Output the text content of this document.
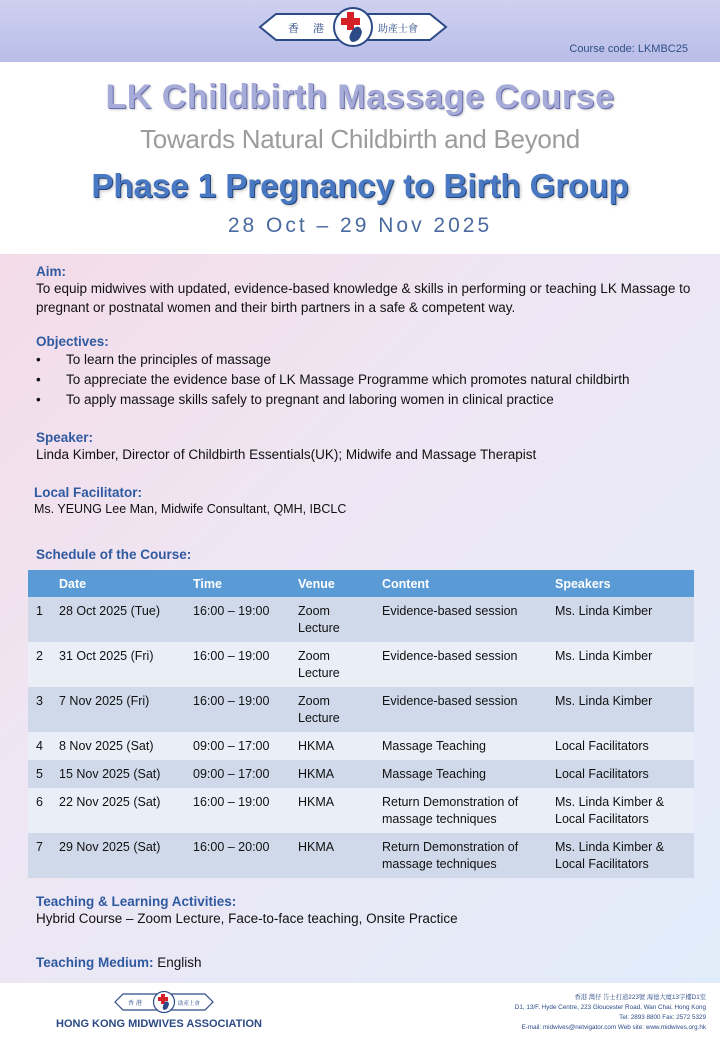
香 港	助產士會
Course code: LKMBC25
LK Childbirth Massage Course
Towards Natural Childbirth and Beyond
Phase 1 Pregnancy to Birth Group
28 Oct – 29 Nov 2025
Aim:
To equip midwives with updated, evidence-based knowledge & skills in performing or teaching LK Massage to pregnant or postnatal women and their birth partners in a safe & competent way.
Objectives:
• To learn the principles of massage
• To appreciate the evidence base of LK Massage Programme which promotes natural childbirth
• To apply massage skills safely to pregnant and laboring women in clinical practice
Speaker:
Linda Kimber, Director of Childbirth Essentials(UK); Midwife and Massage Therapist
Local Facilitator:
Ms. YEUNG Lee Man, Midwife Consultant, QMH, IBCLC
Schedule of the Course:
	Date	Time	Venue	Content	Speakers
1	28 Oct 2025 (Tue)	16:00 – 19:00	Zoom Lecture	Evidence-based session	Ms. Linda Kimber
2	31 Oct 2025 (Fri)	16:00 – 19:00	Zoom Lecture	Evidence-based session	Ms. Linda Kimber
3	7 Nov 2025 (Fri)	16:00 – 19:00	Zoom Lecture	Evidence-based session	Ms. Linda Kimber
4	8 Nov 2025 (Sat)	09:00 – 17:00	HKMA	Massage Teaching	Local Facilitators
5	15 Nov 2025 (Sat)	09:00 – 17:00	HKMA	Massage Teaching	Local Facilitators
6	22 Nov 2025 (Sat)	16:00 – 19:00	HKMA	Return Demonstration of massage techniques	Ms. Linda Kimber & Local Facilitators
7	29 Nov 2025 (Sat)	16:00 – 20:00	HKMA	Return Demonstration of massage techniques	Ms. Linda Kimber & Local Facilitators
Teaching & Learning Activities:
Hybrid Course – Zoom Lecture, Face-to-face teaching, Onsite Practice
Teaching Medium: English
香 港	助產士會
HONG KONG MIDWIVES ASSOCIATION
香港 灣仔 告士打道223號 海德大廈13字樓D1室
D1, 13/F, Hyde Centre, 223 Gloucester Road, Wan Chai, Hong Kong
Tel: 2893 8800 Fax: 2572 5329
E-mail: midwives@netvigator.com Web site: www.midwives.org.hk
